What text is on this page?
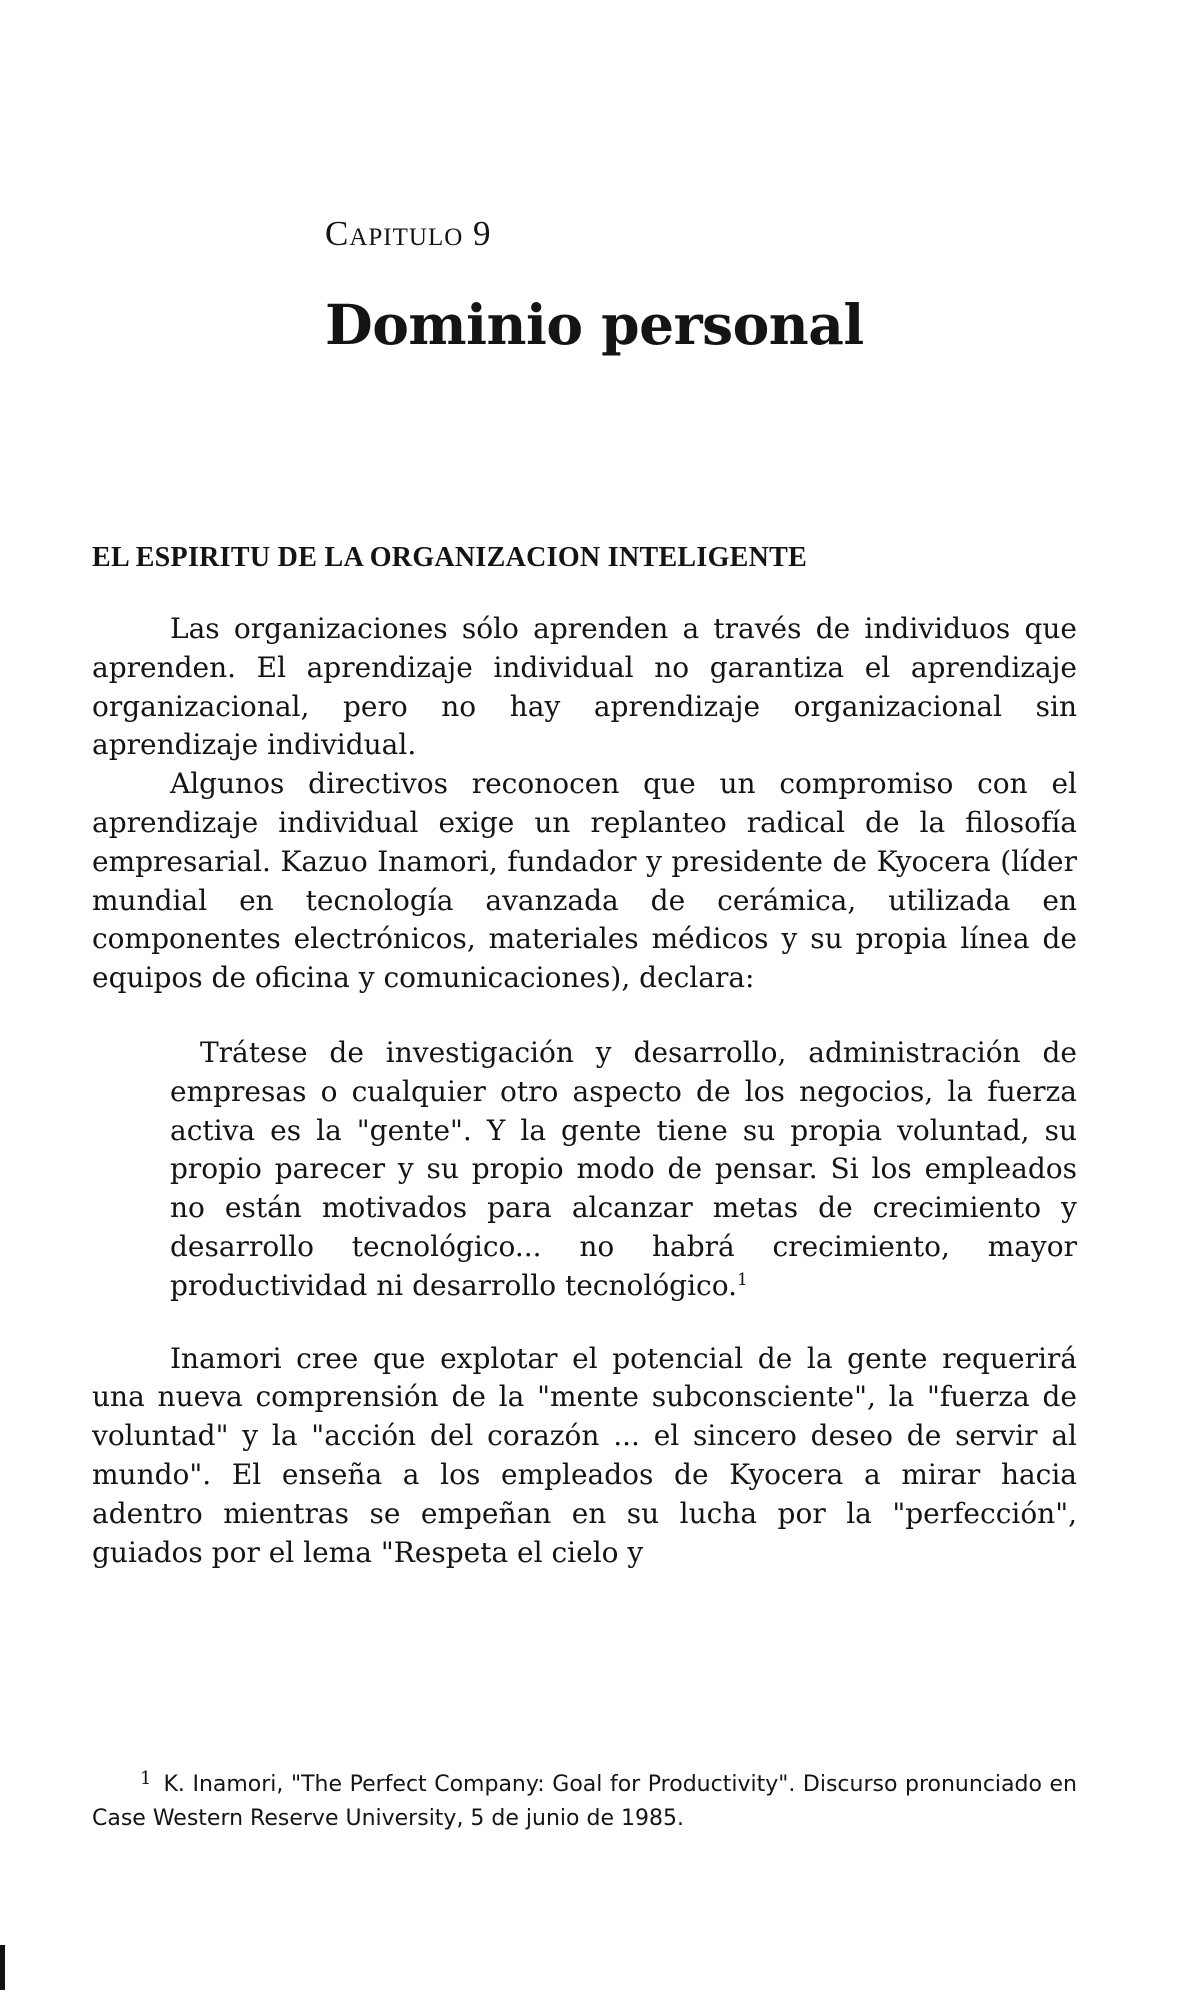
Capitulo 9
Dominio personal
EL ESPIRITU DE LA ORGANIZACION INTELIGENTE

Las organizaciones sólo aprenden a través de individuos que aprenden. El aprendizaje individual no garantiza el aprendizaje organizacional, pero no hay aprendizaje organizacional sin aprendizaje individual.

Algunos directivos reconocen que un compromiso con el aprendizaje individual exige un replanteo radical de la filosofía empresarial. Kazuo Inamori, fundador y presidente de Kyocera (líder mundial en tecnología avanzada de cerámica, utilizada en componentes electrónicos, materiales médicos y su propia línea de equipos de oficina y comunicaciones), declara:

Trátese de investigación y desarrollo, administración de empresas o cualquier otro aspecto de los negocios, la fuerza activa es la "gente". Y la gente tiene su propia voluntad, su propio parecer y su propio modo de pensar. Si los empleados no están motivados para alcanzar metas de crecimiento y desarrollo tecnológico... no habrá crecimiento, mayor productividad ni desarrollo tecnológico.$^1$

Inamori cree que explotar el potencial de la gente requerirá una nueva comprensión de la "mente subconsciente", la "fuerza de voluntad" y la "acción del corazón ... el sincero deseo de servir al mundo". El enseña a los empleados de Kyocera a mirar hacia adentro mientras se empeñan en su lucha por la "perfección", guiados por el lema "Respeta el cielo y

$^1$ K. Inamori, "The Perfect Company: Goal for Productivity". Discurso pronunciado en Case Western Reserve University, 5 de junio de 1985.
